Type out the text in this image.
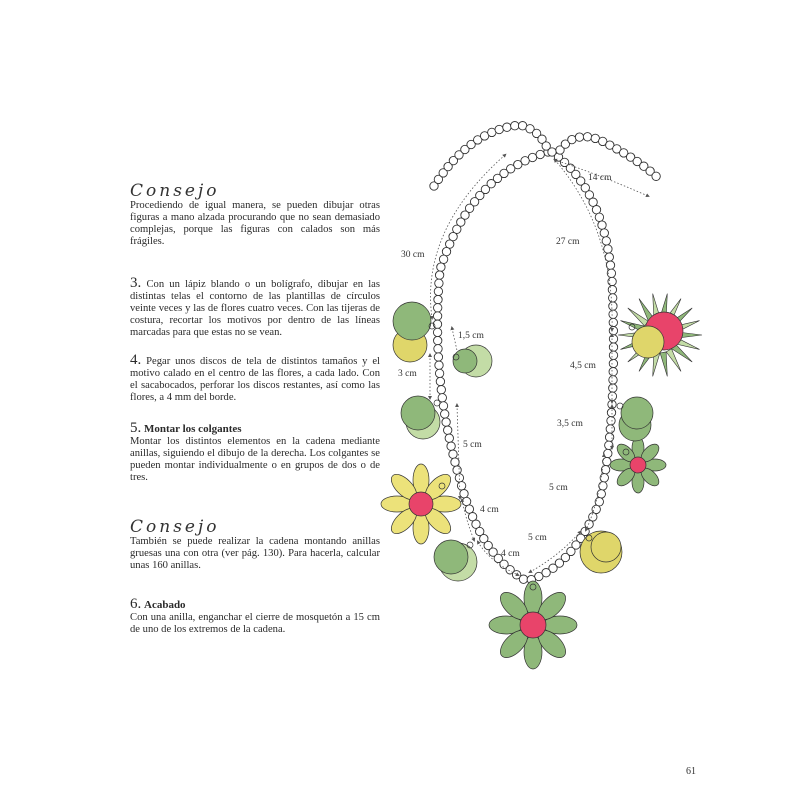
Consejo

Procediendo de igual manera, se pueden dibujar otras figuras a mano alzada procurando que no sean demasiado complejas, porque las figuras con calados son más frágiles.

3. Con un lápiz blando o un bolígrafo, dibujar en las distintas telas el contorno de las plantillas de círculos veinte veces y las de flores cuatro veces. Con las tijeras de costura, recortar los motivos por dentro de las líneas marcadas para que estas no se vean.

4. Pegar unos discos de tela de distintos tamaños y el motivo calado en el centro de las flores, a cada lado. Con el sacabocados, perforar los discos restantes, así como las flores, a 4 mm del borde.

5. Montar los colgantes

Montar los distintos elementos en la cadena mediante anillas, siguiendo el dibujo de la derecha. Los colgantes se pueden montar individualmente o en grupos de dos o de tres.

Consejo

También se puede realizar la cadena montando anillas gruesas una con otra (ver pág. 130). Para hacerla, calcular unas 160 anillas.

6. Acabado

Con una anilla, enganchar el cierre de mosquetón a 15 cm de uno de los extremos de la cadena.

14 cm
30 cm
27 cm
1,5 cm
3 cm
4,5 cm
3,5 cm
5 cm
5 cm
4 cm
5 cm
4 cm
61
